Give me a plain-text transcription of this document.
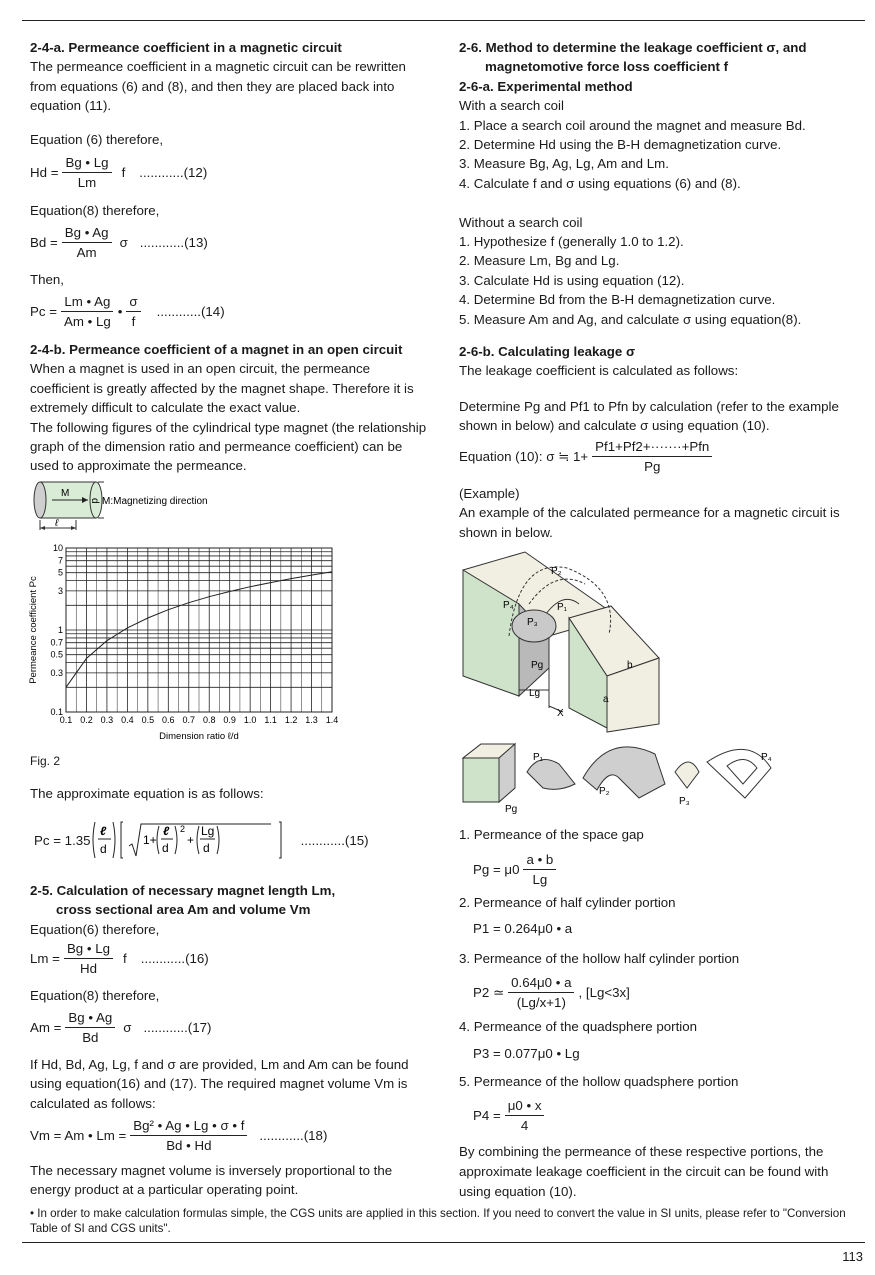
2-4-a. Permeance coefficient in a magnetic circuit

The permeance coefficient in a magnetic circuit can be rewritten from equations (6) and (8), and then they are placed back into equation (11).

Equation (6) therefore,

$Hd = \frac{Bg • Lg}{Lm}$ f ............(12)

Equation(8) therefore,

$Bd = \frac{Bg • Ag}{Am}$ σ ............(13)

Then,

$Pc = \frac{Lm • Ag}{Am • Lg}$ • $\frac{\sigma}{f} ............(14)$

2-4-b. Permeance coefficient of a magnet in an open circuit

When a magnet is used in an open circuit, the permeance coefficient is greatly affected by the magnet shape. Therefore it is extremely difficult to calculate the exact value.

The following figures of the cylindrical type magnet (the relationship graph of the dimension ratio and permeance coefficient) can be used to approximate the permeance.

M
d M:Magnetizing direction
ℓ
0.1 0.2 0.3 0.4 0.5 0.6 0.7 0.8 0.9 1.0 1.1 1.2 1.3 1.4
10
7
5
3
1
0.7
0.5
0.3
0.1
Dimension ratio ℓ/d
Permeance coefficient Pc

Fig. 2

The approximate equation is as follows:

Pc = 1.35
ℓ
d
1+
ℓ
d
2
+
Lg
d
............(15)

2-5. Calculation of necessary magnet length Lm,

cross sectional area Am and volume Vm

Equation(6) therefore,

$Lm = \frac{Bg • Lg}{Hd}$ f ............(16)

Equation(8) therefore,

$Am = \frac{Bg • Ag}{Bd}$ σ ............(17)

If Hd, Bd, Ag, Lg, f and σ are provided, Lm and Am can be found using equation(16) and (17). The required magnet volume Vm is calculated as follows:

Vm = Am • $Lm = \frac{\text{Bg² • Ag • Lg • σ • f}}{Bd • Hd} ............(18)$

The necessary magnet volume is inversely proportional to the energy product at a particular operating point.

2-6. Method to determine the leakage coefficient σ, and

magnetomotive force loss coefficient f

2-6-a. Experimental method

With a search coil

1. Place a search coil around the magnet and measure Bd.

2. Determine Hd using the B-H demagnetization curve.

3. Measure Bg, Ag, Lg, Am and Lm.

4. Calculate f and σ using equations (6) and (8).

Without a search coil

1. Hypothesize f (generally 1.0 to 1.2).

2. Measure Lm, Bg and Lg.

3. Calculate Hd is using equation (12).

4. Determine Bd from the B-H demagnetization curve.

5. Measure Am and Ag, and calculate σ using equation(8).

2-6-b. Calculating leakage σ

The leakage coefficient is calculated as follows:

Determine Pg and Pf1 to Pfn by calculation (refer to the example shown in below) and calculate σ using equation (10).

Equation (10): σ ≒ $1+ \frac{\text{Pf1+Pf2+·······+Pfn}}{Pg}$

(Example)

An example of the calculated permeance for a magnetic circuit is shown in below.

P₂
P₄	P₁
P₃
Pg
Lg
X
a
b
Pg
P₁
P₂
P₃
P₄

1. Permeance of the space gap

$Pg = \mu 0 \frac{a • b}{Lg}$

2. Permeance of half cylinder portion

P1 = 0.264μ0 • a

3. Permeance of the hollow half cylinder portion

P2 ≃ $\frac{0.64\mu 0 • a}{(Lg/x+1)}$ , [Lg<3x]

4. Permeance of the quadsphere portion

P3 = 0.077μ0 • Lg

5. Permeance of the hollow quadsphere portion

$P4 = \frac{\mu 0 • x}{4}$

By combining the permeance of these respective portions, the approximate leakage coefficient in the circuit can be found with using equation (10).

• In order to make calculation formulas simple, the CGS units are applied in this section. If you need to convert the value in SI units, please refer to "Conversion Table of SI and CGS units".

113
